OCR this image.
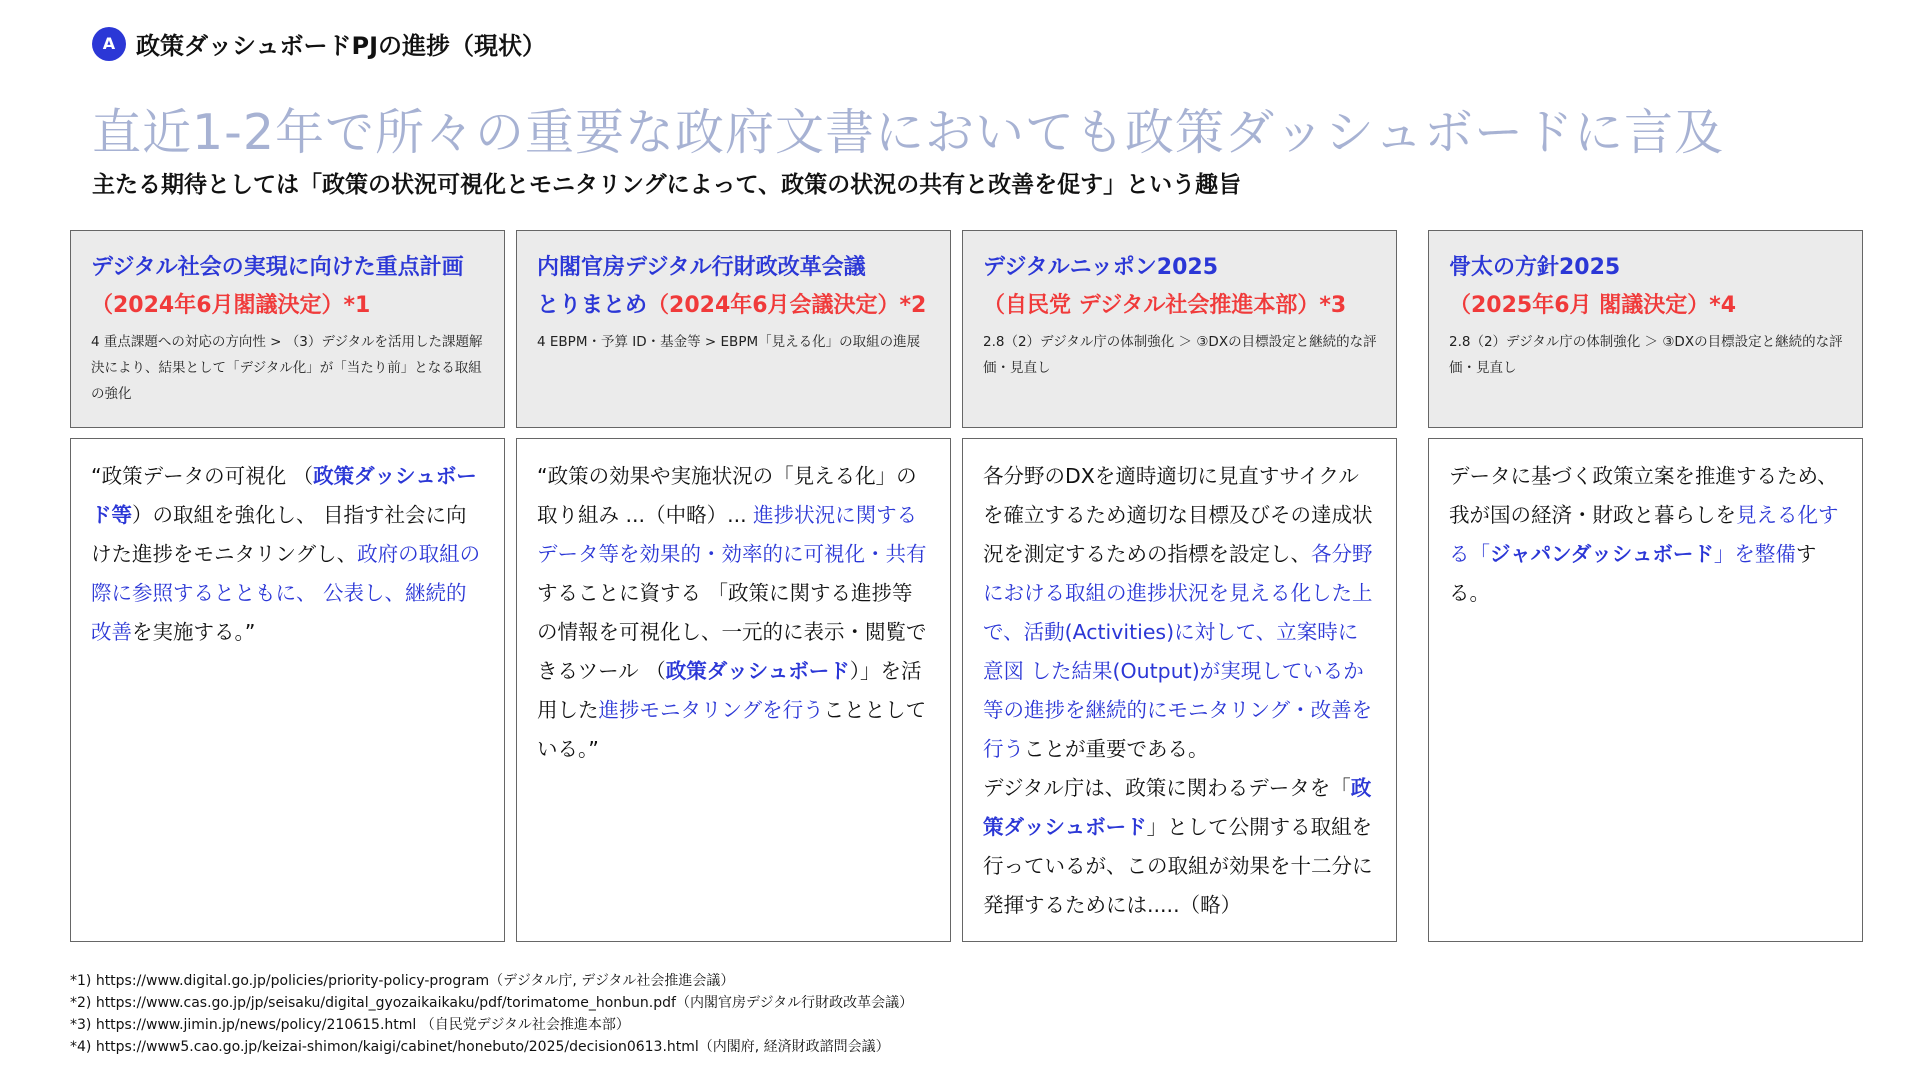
A 政策ダッシュボードPJの進捗（現状）
直近1-2年で所々の重要な政府文書においても政策ダッシュボードに言及
主たる期待としては「政策の状況可視化とモニタリングによって、政策の状況の共有と改善を促す」という趣旨
デジタル社会の実現に向けた重点計画
（2024年6月閣議決定）*1
4 重点課題への対応の方向性 > （3）デジタルを活用した課題解決により、結果として「デジタル化」が「当たり前」となる取組の強化
“政策データの可視化 （政策ダッシュボード等）の取組を強化し、 目指す社会に向けた進捗をモニタリングし、政府の取組の際に参照するとともに、 公表し、継続的改善を実施する。”
内閣官房デジタル行財政改革会議
とりまとめ（2024年6月会議決定）*2
4 EBPM・予算 ID・基金等 > EBPM「見える化」の取組の進展
“政策の効果や実施状況の「見える化」の取り組み ...（中略）... 進捗状況に関するデータ等を効果的・効率的に可視化・共有することに資する 「政策に関する進捗等の情報を可視化し、一元的に表示・閲覧できるツール （政策ダッシュボード）」を活用した進捗モニタリングを行うこととしている。”
デジタルニッポン2025
（自民党 デジタル社会推進本部）*3
2.8（2）デジタル庁の体制強化 ＞ ③DXの目標設定と継続的な評価・見直し
各分野のDXを適時適切に見直すサイクルを確立するため適切な目標及びその達成状況を測定するための指標を設定し、各分野における取組の進捗状況を見える化した上で、活動(Activities)に対して、立案時に意図 した結果(Output)が実現しているか等の進捗を継続的にモニタリング・改善を行うことが重要である。
デジタル庁は、政策に関わるデータを「政策ダッシュボード」として公開する取組を行っているが、この取組が効果を十二分に発揮するためには.....（略）
骨太の方針2025
（2025年6月 閣議決定）*4
2.8（2）デジタル庁の体制強化 ＞ ③DXの目標設定と継続的な評価・見直し
データに基づく政策立案を推進するため、我が国の経済・財政と暮らしを見える化する「ジャパンダッシュボード」を整備する。
*1) https://www.digital.go.jp/policies/priority-policy-program（デジタル庁, デジタル社会推進会議）
*2) https://www.cas.go.jp/jp/seisaku/digital_gyozaikaikaku/pdf/torimatome_honbun.pdf（内閣官房デジタル行財政改革会議）
*3) https://www.jimin.jp/news/policy/210615.html （自民党デジタル社会推進本部）
*4) https://www5.cao.go.jp/keizai-shimon/kaigi/cabinet/honebuto/2025/decision0613.html（内閣府, 経済財政諮問会議）
